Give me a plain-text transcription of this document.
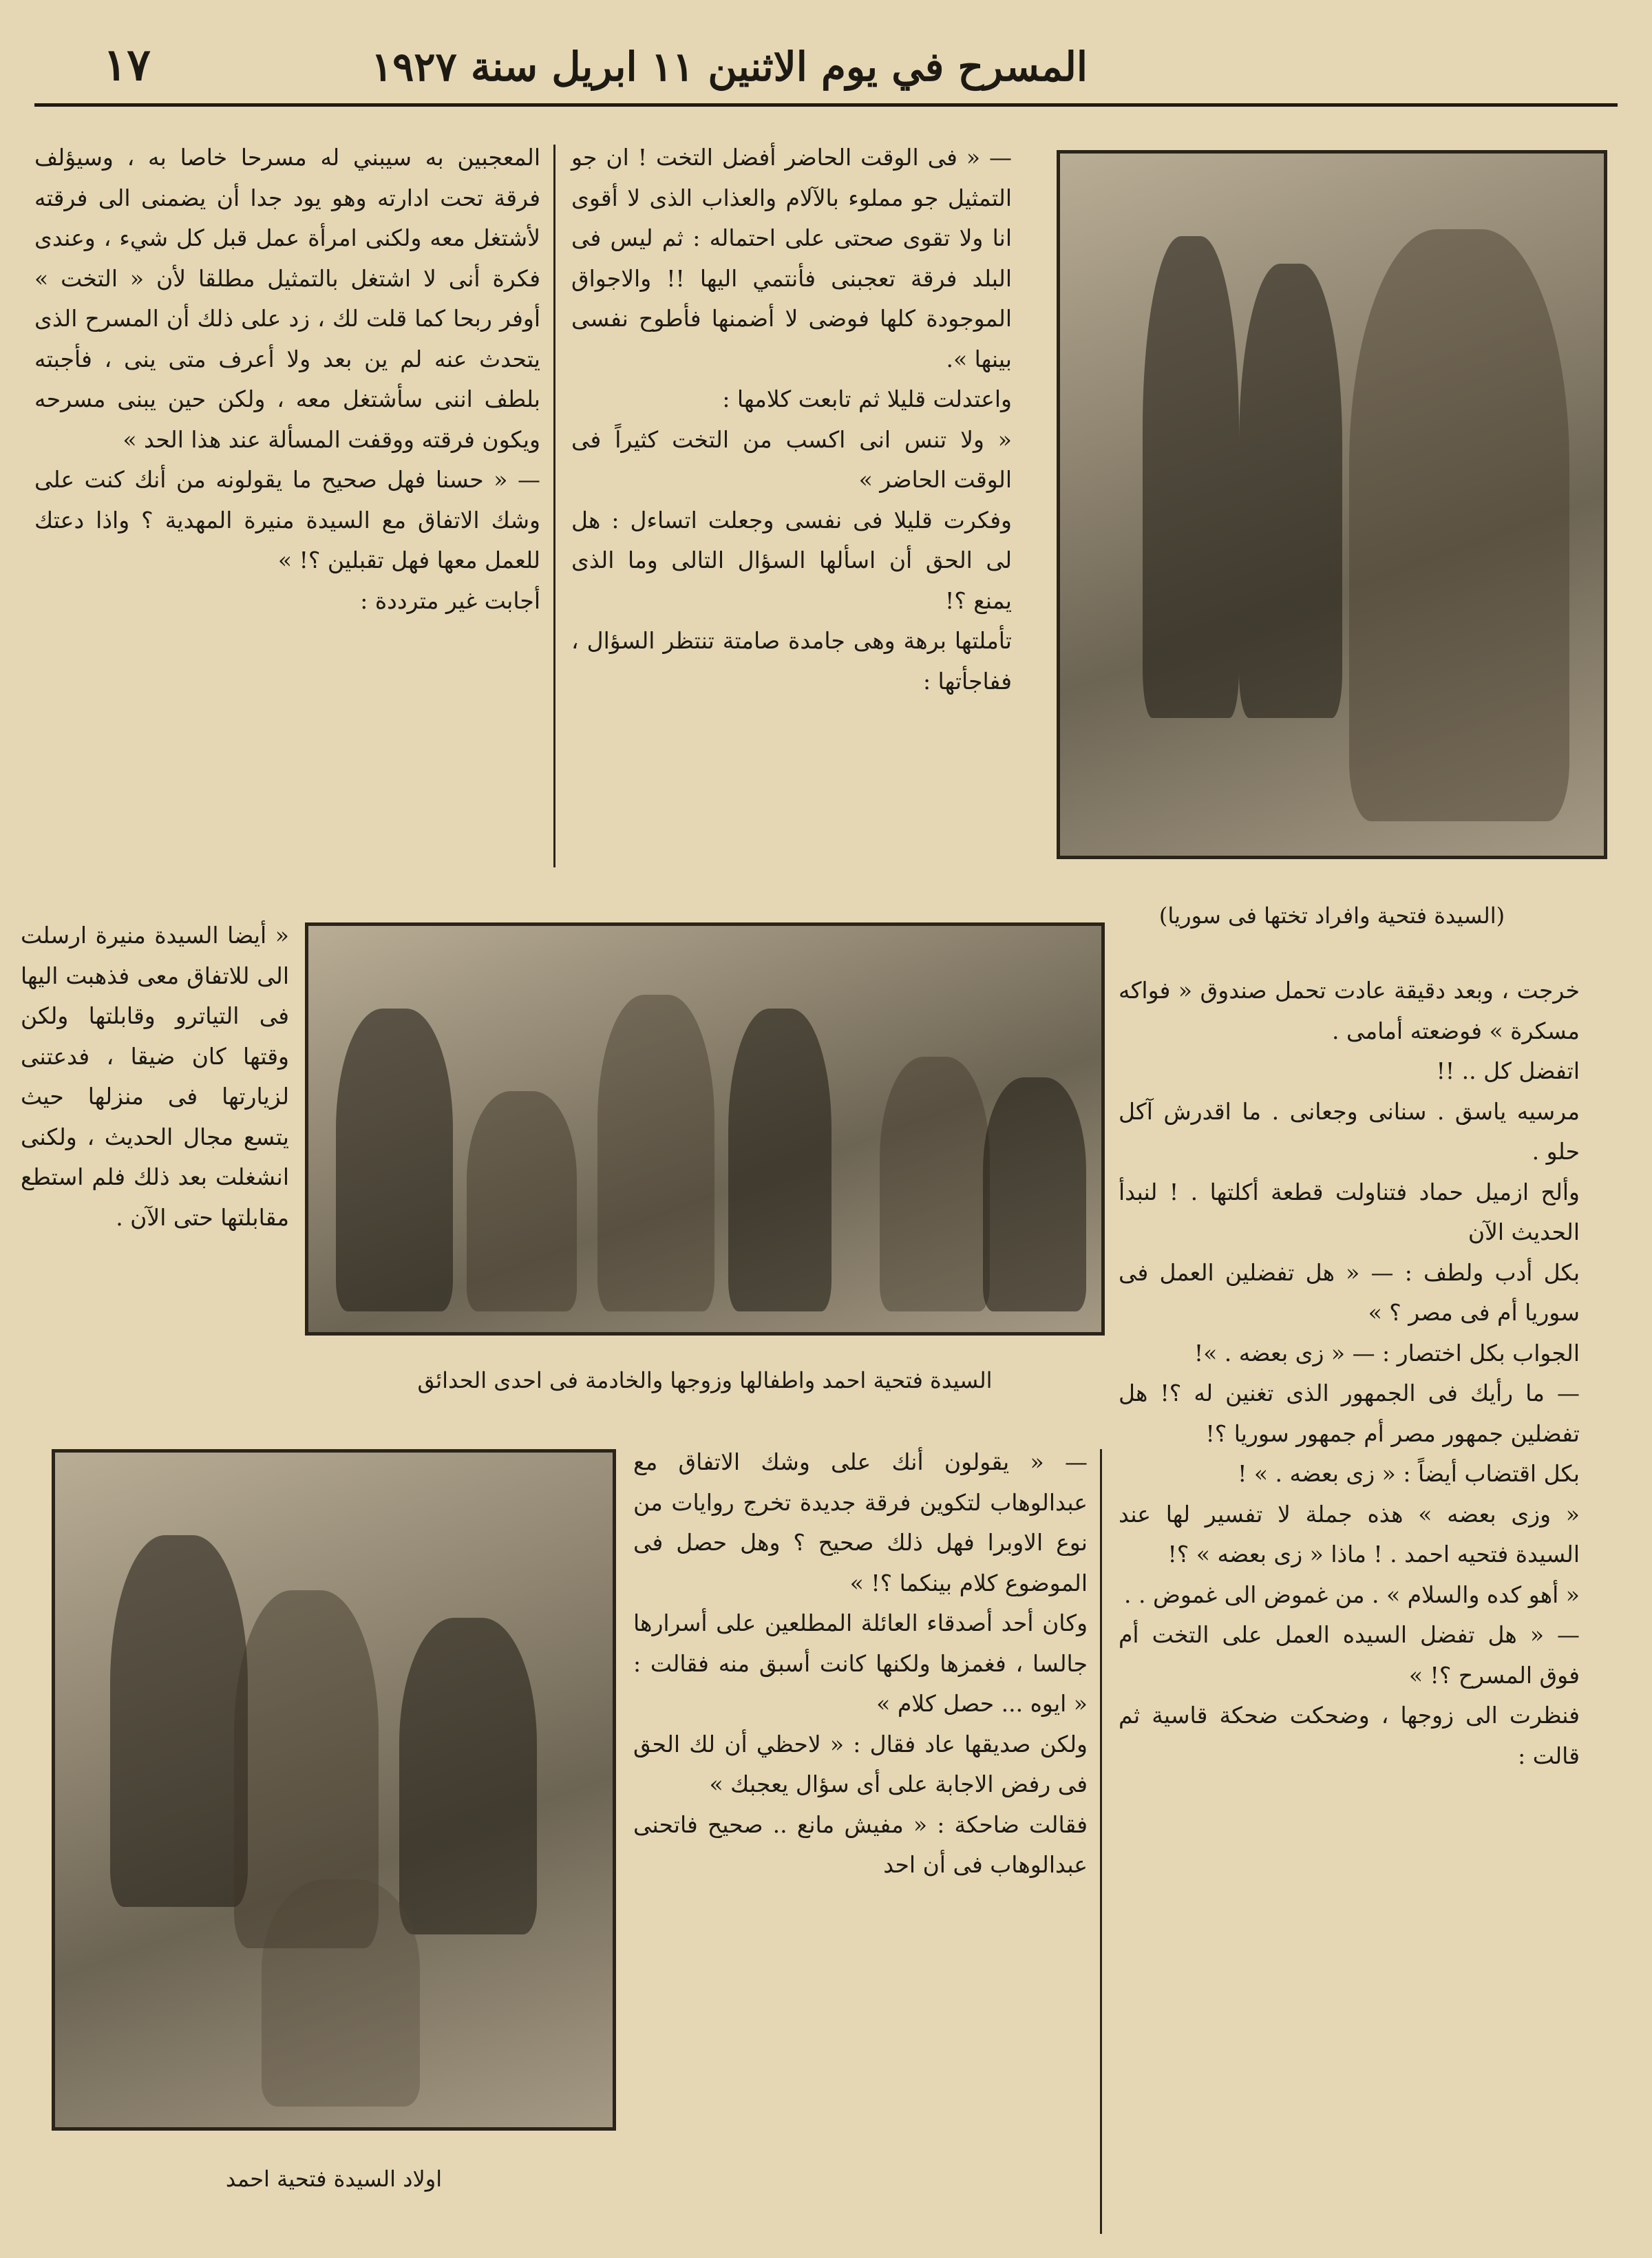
١٧	المسرح في يوم الاثنين ١١ ابريل سنة ١٩٢٧
(السيدة فتحية وافراد تختها فى سوريا)

المعجبين به سيبني له مسرحا خاصا به ، وسيؤلف فرقة تحت ادارته وهو يود جدا أن يضمنى الى فرقته لأشتغل معه ولكنى امرأة عمل قبل كل شيء ، وعندى فكرة أنى لا اشتغل بالتمثيل مطلقا لأن « التخت » أوفر ربحا كما قلت لك ، زد على ذلك أن المسرح الذى يتحدث عنه لم ين بعد ولا أعرف متى ينى ، فأجبته بلطف اننى سأشتغل معه ، ولكن حين يبنى مسرحه ويكون فرقته ووقفت المسألة عند هذا الحد »

— « حسنا فهل صحيح ما يقولونه من أنك كنت على وشك الاتفاق مع السيدة منيرة المهدية ؟ واذا دعتك للعمل معها فهل تقبلين ؟! »

أجابت غير مترددة :

— « فى الوقت الحاضر أفضل التخت ! ان جو التمثيل جو مملوء بالآلام والعذاب الذى لا أقوى انا ولا تقوى صحتى على احتماله : ثم ليس فى البلد فرقة تعجبنى فأنتمي اليها !! والاجواق الموجودة كلها فوضى لا أضمنها فأطوح نفسى بينها ».

واعتدلت قليلا ثم تابعت كلامها :

« ولا تنس انى اكسب من التخت كثيراً فى الوقت الحاضر »

وفكرت قليلا فى نفسى وجعلت اتساءل : هل لى الحق أن اسألها السؤال التالى وما الذى يمنع ؟!

تأملتها برهة وهى جامدة صامتة تنتظر السؤال ، ففاجأتها :

السيدة فتحية احمد واطفالها وزوجها والخادمة فى احدى الحدائق

« أيضا السيدة منيرة ارسلت الى للاتفاق معى فذهبت اليها فى التياترو وقابلتها ولكن وقتها كان ضيقا ، فدعتنى لزيارتها فى منزلها حيث يتسع مجال الحديث ، ولكنى انشغلت بعد ذلك فلم استطع مقابلتها حتى الآن .

خرجت ، وبعد دقيقة عادت تحمل صندوق « فواكه مسكرة » فوضعته أمامى .

اتفضل كل .. !!

مرسيه ياسق . سنانى وجعانى . ما اقدرش آكل حلو .

وألح ازميل حماد فتناولت قطعة أكلتها . ! لنبدأ الحديث الآن

بكل أدب ولطف : — « هل تفضلين العمل فى سوريا أم فى مصر ؟ »

الجواب بكل اختصار : — « زى بعضه . »!

— ما رأيك فى الجمهور الذى تغنين له ؟! هل تفضلين جمهور مصر أم جمهور سوريا ؟!

بكل اقتضاب أيضاً : « زى بعضه . » !

« وزى بعضه » هذه جملة لا تفسير لها عند السيدة فتحيه احمد . ! ماذا « زى بعضه » ؟!

« أهو كده والسلام » . من غموض الى غموض . .

— « هل تفضل السيده العمل على التخت أم فوق المسرح ؟! »

فنظرت الى زوجها ، وضحكت ضحكة قاسية ثم قالت :

اولاد السيدة فتحية احمد

— « يقولون أنك على وشك الاتفاق مع عبدالوهاب لتكوين فرقة جديدة تخرج روايات من نوع الاوبرا فهل ذلك صحيح ؟ وهل حصل فى الموضوع كلام بينكما ؟! »

وكان أحد أصدقاء العائلة المطلعين على أسرارها جالسا ، فغمزها ولكنها كانت أسبق منه فقالت : « ايوه ... حصل كلام »

ولكن صديقها عاد فقال : « لاحظي أن لك الحق فى رفض الاجابة على أى سؤال يعجبك »

فقالت ضاحكة : « مفيش مانع .. صحيح فاتحنى عبدالوهاب فى أن احد
